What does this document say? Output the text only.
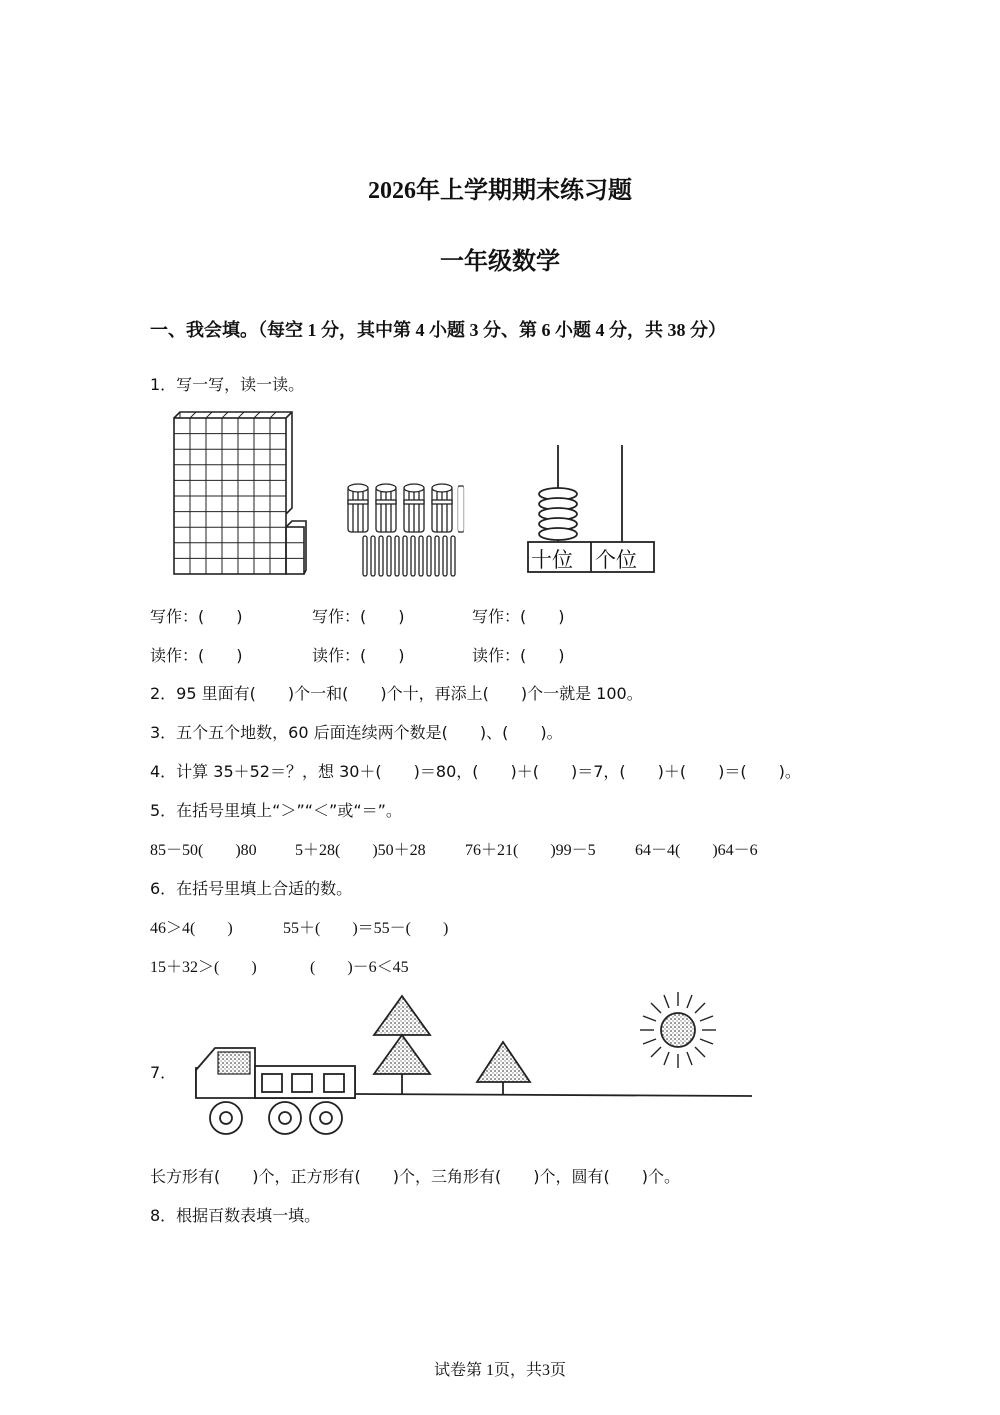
2026年上学期期末练习题
一年级数学
一、我会填。（每空 1 分，其中第 4 小题 3 分、第 6 小题 4 分，共 38 分）
1．写一写，读一读。
十位 个位
写作：(　　)	写作：(　　)	写作：(　　)
读作：(　　)	读作：(　　)	读作：(　　)
2．95 里面有(　　)个一和(　　)个十，再添上(　　)个一就是 100。
3．五个五个地数，60 后面连续两个数是(　　)、(　　)。
4．计算 35＋52＝？，想 30＋(　　)＝80，(　　)＋(　　)＝7，(　　)＋(　　)＝(　　)。
5．在括号里填上“＞”“＜”或“＝”。
85－50(　　)80 5＋28(　　)50＋28 76＋21(　　)99－5 64－4(　　)64－6
6．在括号里填上合适的数。
46＞4(　　)	55＋(　　)＝55－(　　)
15＋32＞(　　)	(　　)－6＜45
7．
长方形有(　　)个，正方形有(　　)个，三角形有(　　)个，圆有(　　)个。
8．根据百数表填一填。
试卷第 1页，共3页
